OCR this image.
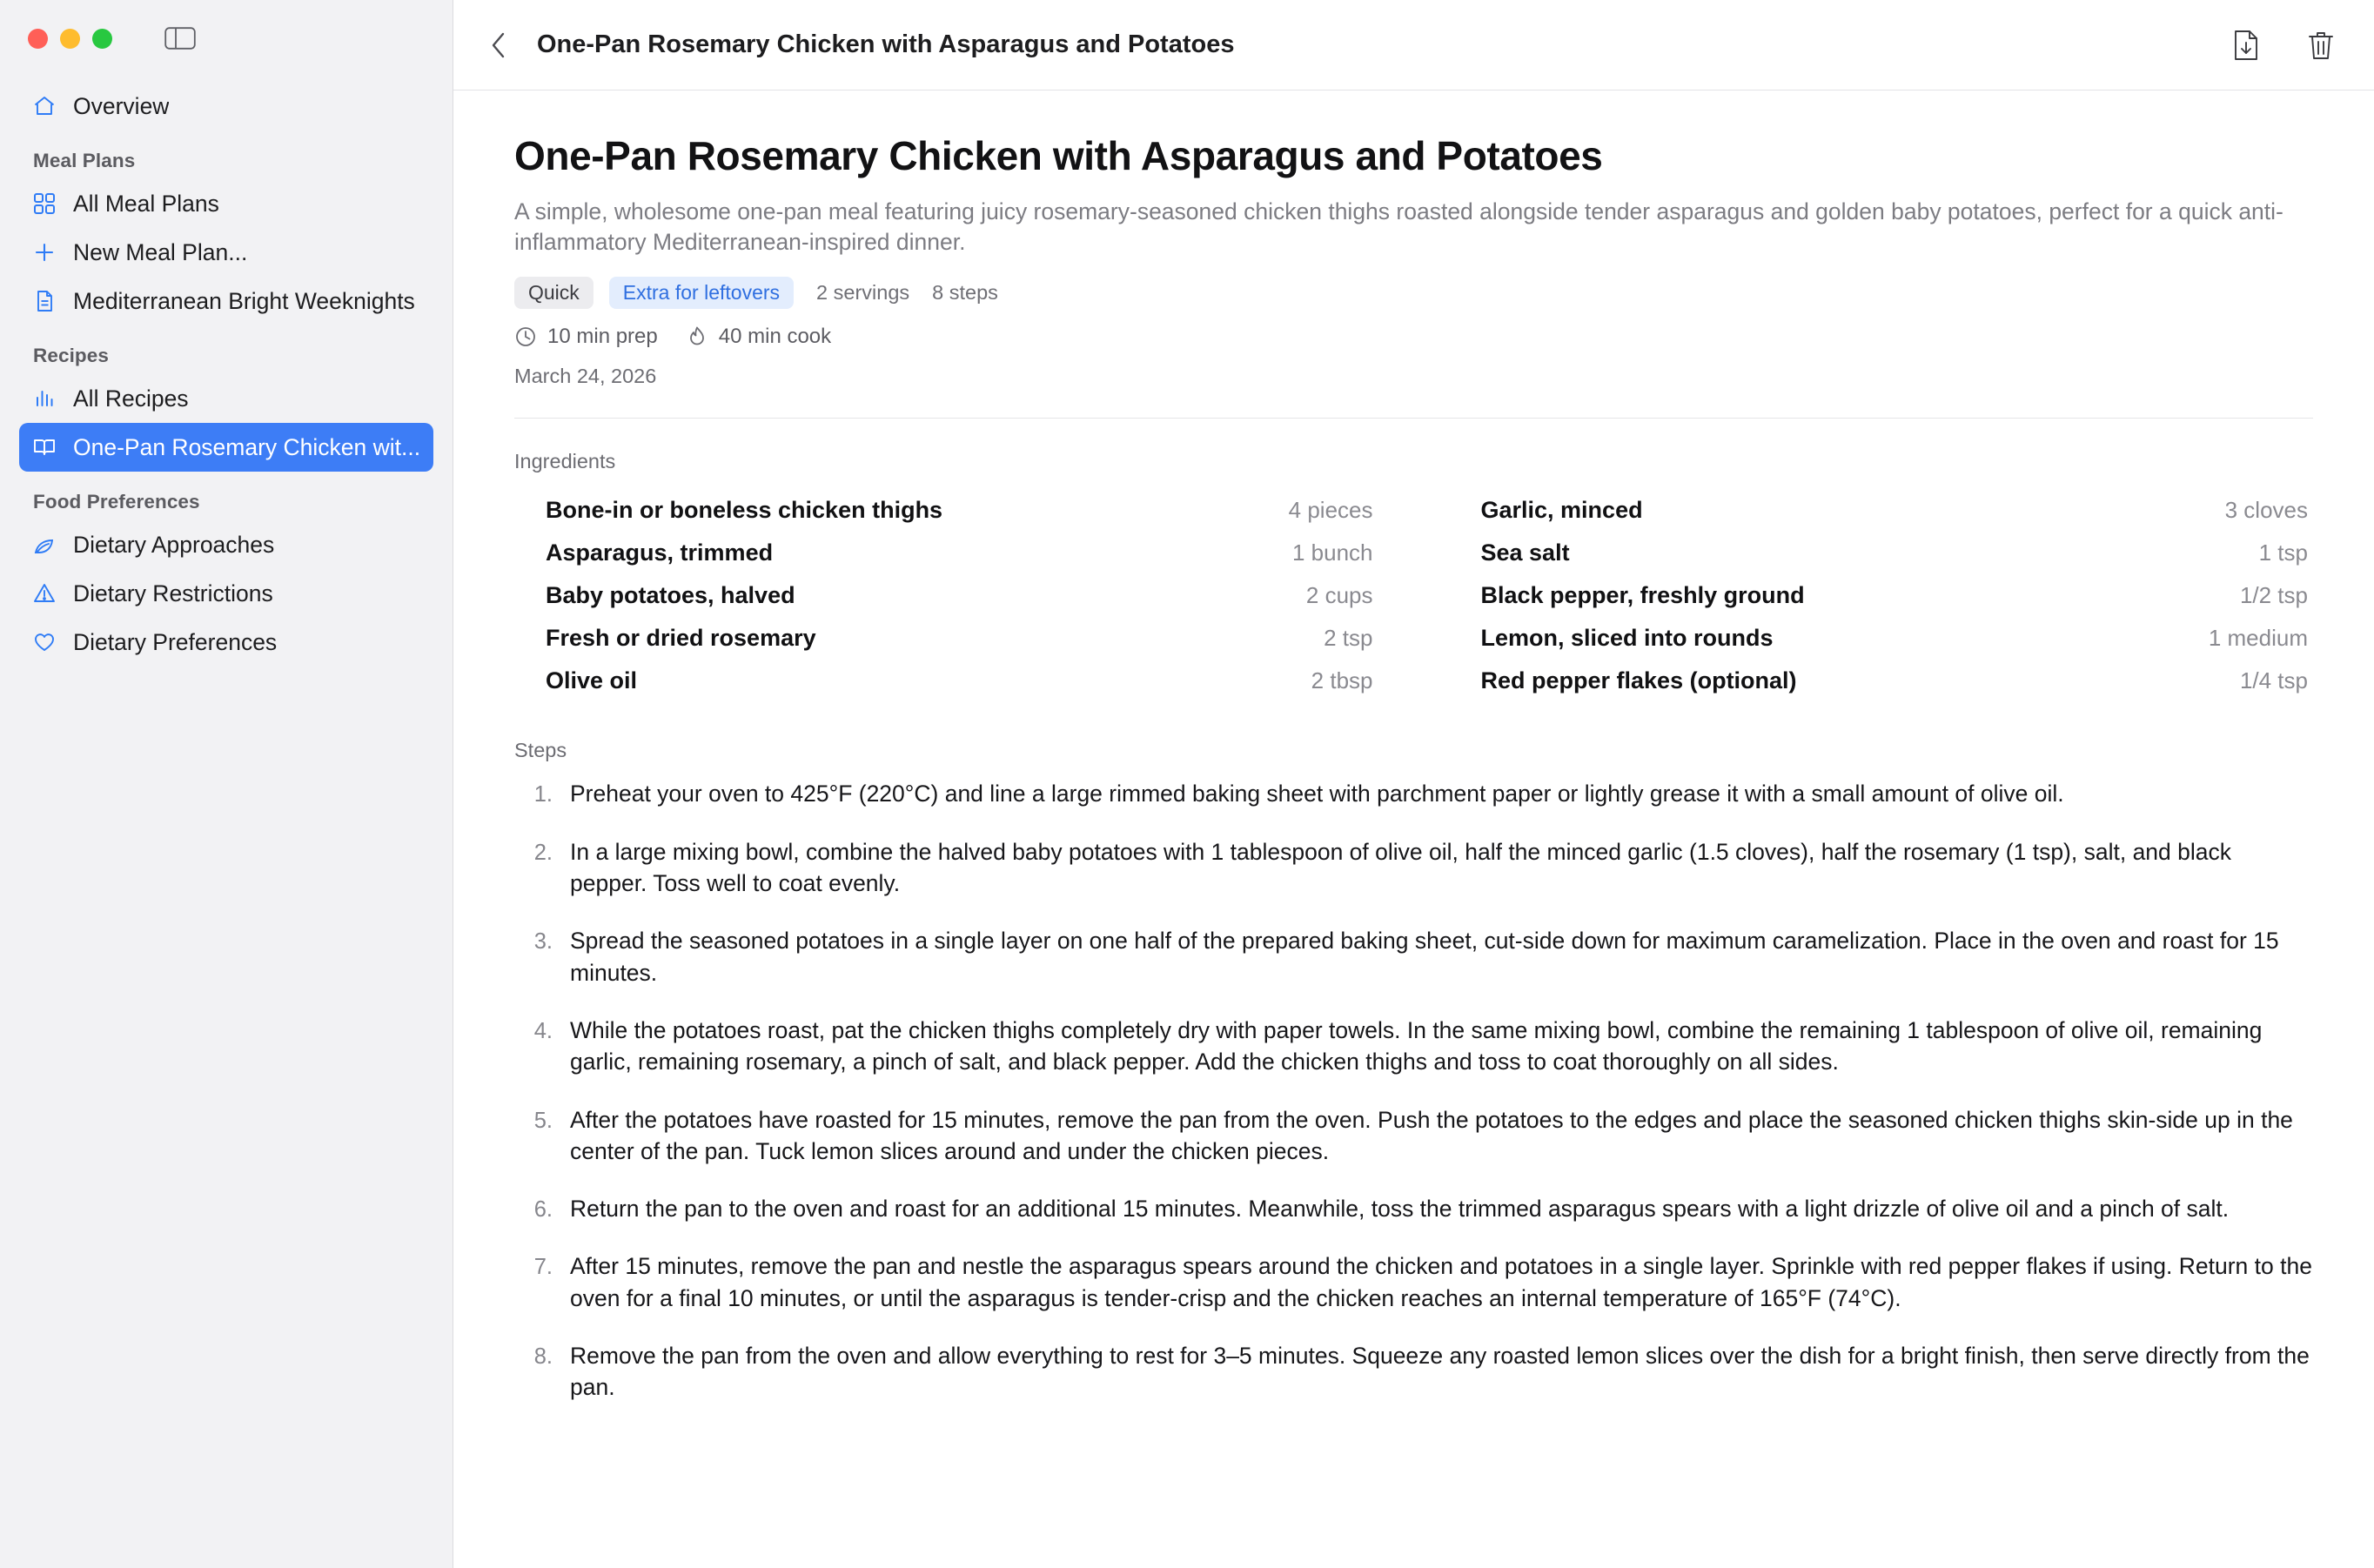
Overview
Meal Plans
All Meal Plans
New Meal Plan...
Mediterranean Bright Weeknights
Recipes
All Recipes
One-Pan Rosemary Chicken wit...
Food Preferences
Dietary Approaches
Dietary Restrictions
Dietary Preferences
One-Pan Rosemary Chicken with Asparagus and Potatoes
One-Pan Rosemary Chicken with Asparagus and Potatoes
A simple, wholesome one-pan meal featuring juicy rosemary-seasoned chicken thighs roasted alongside tender asparagus and golden baby potatoes, perfect for a quick anti-inflammatory Mediterranean-inspired dinner.
Quick	Extra for leftovers	2 servings 8 steps
10 min prep	40 min cook
March 24, 2026
Ingredients
Bone-in or boneless chicken thighs	4 pieces
Asparagus, trimmed	1 bunch
Baby potatoes, halved	2 cups
Fresh or dried rosemary	2 tsp
Olive oil	2 tbsp
Garlic, minced	3 cloves
Sea salt	1 tsp
Black pepper, freshly ground	1/2 tsp
Lemon, sliced into rounds	1 medium
Red pepper flakes (optional)	1/4 tsp
Steps
1. Preheat your oven to 425°F (220°C) and line a large rimmed baking sheet with parchment paper or lightly grease it with a small amount of olive oil.
2. In a large mixing bowl, combine the halved baby potatoes with 1 tablespoon of olive oil, half the minced garlic (1.5 cloves), half the rosemary (1 tsp), salt, and black pepper. Toss well to coat evenly.
3. Spread the seasoned potatoes in a single layer on one half of the prepared baking sheet, cut-side down for maximum caramelization. Place in the oven and roast for 15 minutes.
4. While the potatoes roast, pat the chicken thighs completely dry with paper towels. In the same mixing bowl, combine the remaining 1 tablespoon of olive oil, remaining garlic, remaining rosemary, a pinch of salt, and black pepper. Add the chicken thighs and toss to coat thoroughly on all sides.
5. After the potatoes have roasted for 15 minutes, remove the pan from the oven. Push the potatoes to the edges and place the seasoned chicken thighs skin-side up in the center of the pan. Tuck lemon slices around and under the chicken pieces.
6. Return the pan to the oven and roast for an additional 15 minutes. Meanwhile, toss the trimmed asparagus spears with a light drizzle of olive oil and a pinch of salt.
7. After 15 minutes, remove the pan and nestle the asparagus spears around the chicken and potatoes in a single layer. Sprinkle with red pepper flakes if using. Return to the oven for a final 10 minutes, or until the asparagus is tender-crisp and the chicken reaches an internal temperature of 165°F (74°C).
8. Remove the pan from the oven and allow everything to rest for 3–5 minutes. Squeeze any roasted lemon slices over the dish for a bright finish, then serve directly from the pan.
